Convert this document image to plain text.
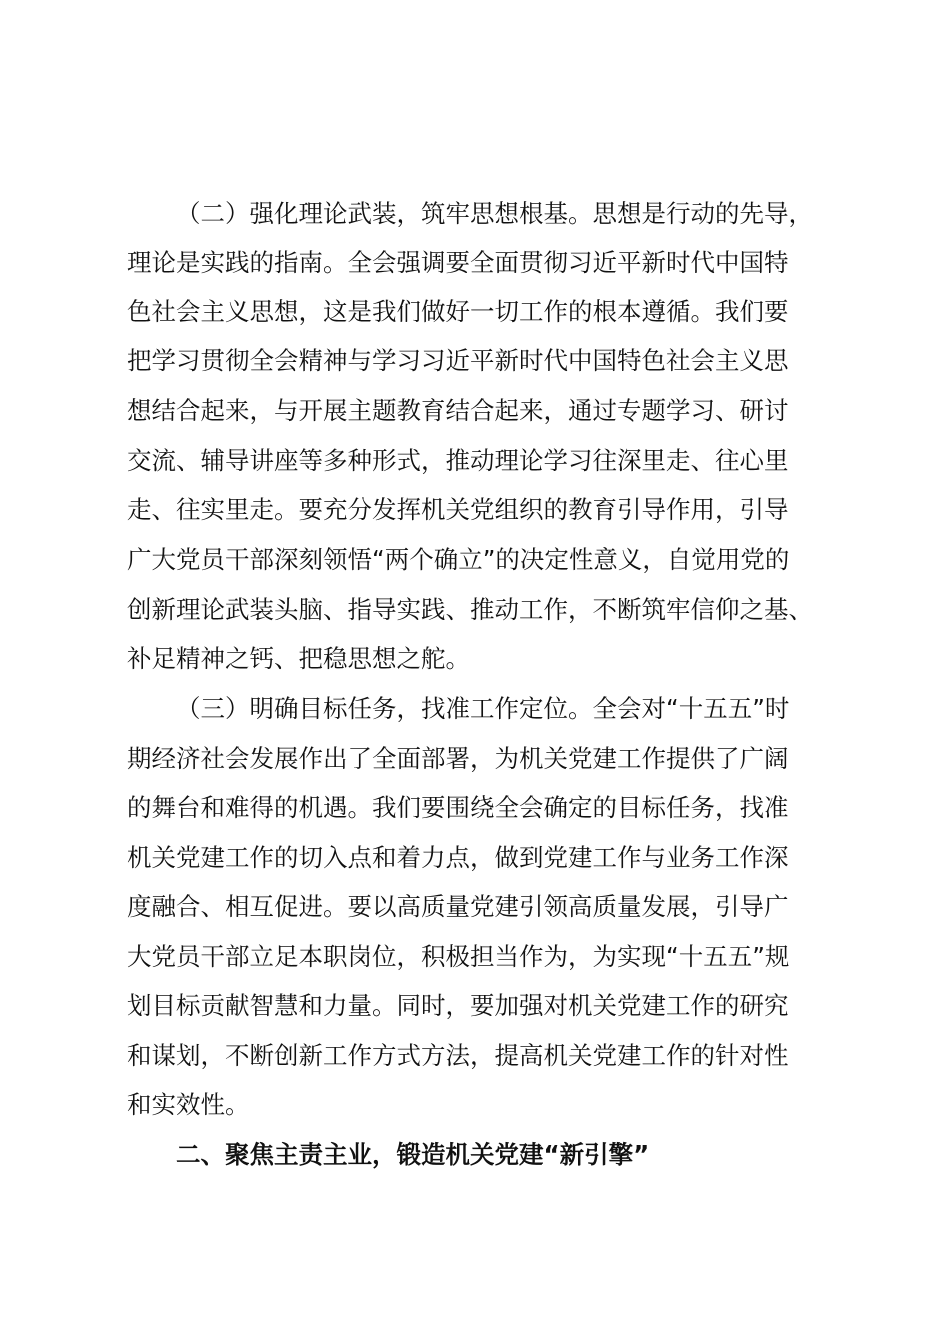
（二）强化理论武装，筑牢思想根基。思想是行动的先导，

理论是实践的指南。全会强调要全面贯彻习近平新时代中国特

色社会主义思想，这是我们做好一切工作的根本遵循。我们要

把学习贯彻全会精神与学习习近平新时代中国特色社会主义思

想结合起来，与开展主题教育结合起来，通过专题学习、研讨

交流、辅导讲座等多种形式，推动理论学习往深里走、往心里

走、往实里走。要充分发挥机关党组织的教育引导作用，引导

广大党员干部深刻领悟“两个确立”的决定性意义，自觉用党的

创新理论武装头脑、指导实践、推动工作，不断筑牢信仰之基、

补足精神之钙、把稳思想之舵。

（三）明确目标任务，找准工作定位。全会对“十五五”时

期经济社会发展作出了全面部署，为机关党建工作提供了广阔

的舞台和难得的机遇。我们要围绕全会确定的目标任务，找准

机关党建工作的切入点和着力点，做到党建工作与业务工作深

度融合、相互促进。要以高质量党建引领高质量发展，引导广

大党员干部立足本职岗位，积极担当作为，为实现“十五五”规

划目标贡献智慧和力量。同时，要加强对机关党建工作的研究

和谋划，不断创新工作方式方法，提高机关党建工作的针对性

和实效性。

二、聚焦主责主业，锻造机关党建“新引擎”
